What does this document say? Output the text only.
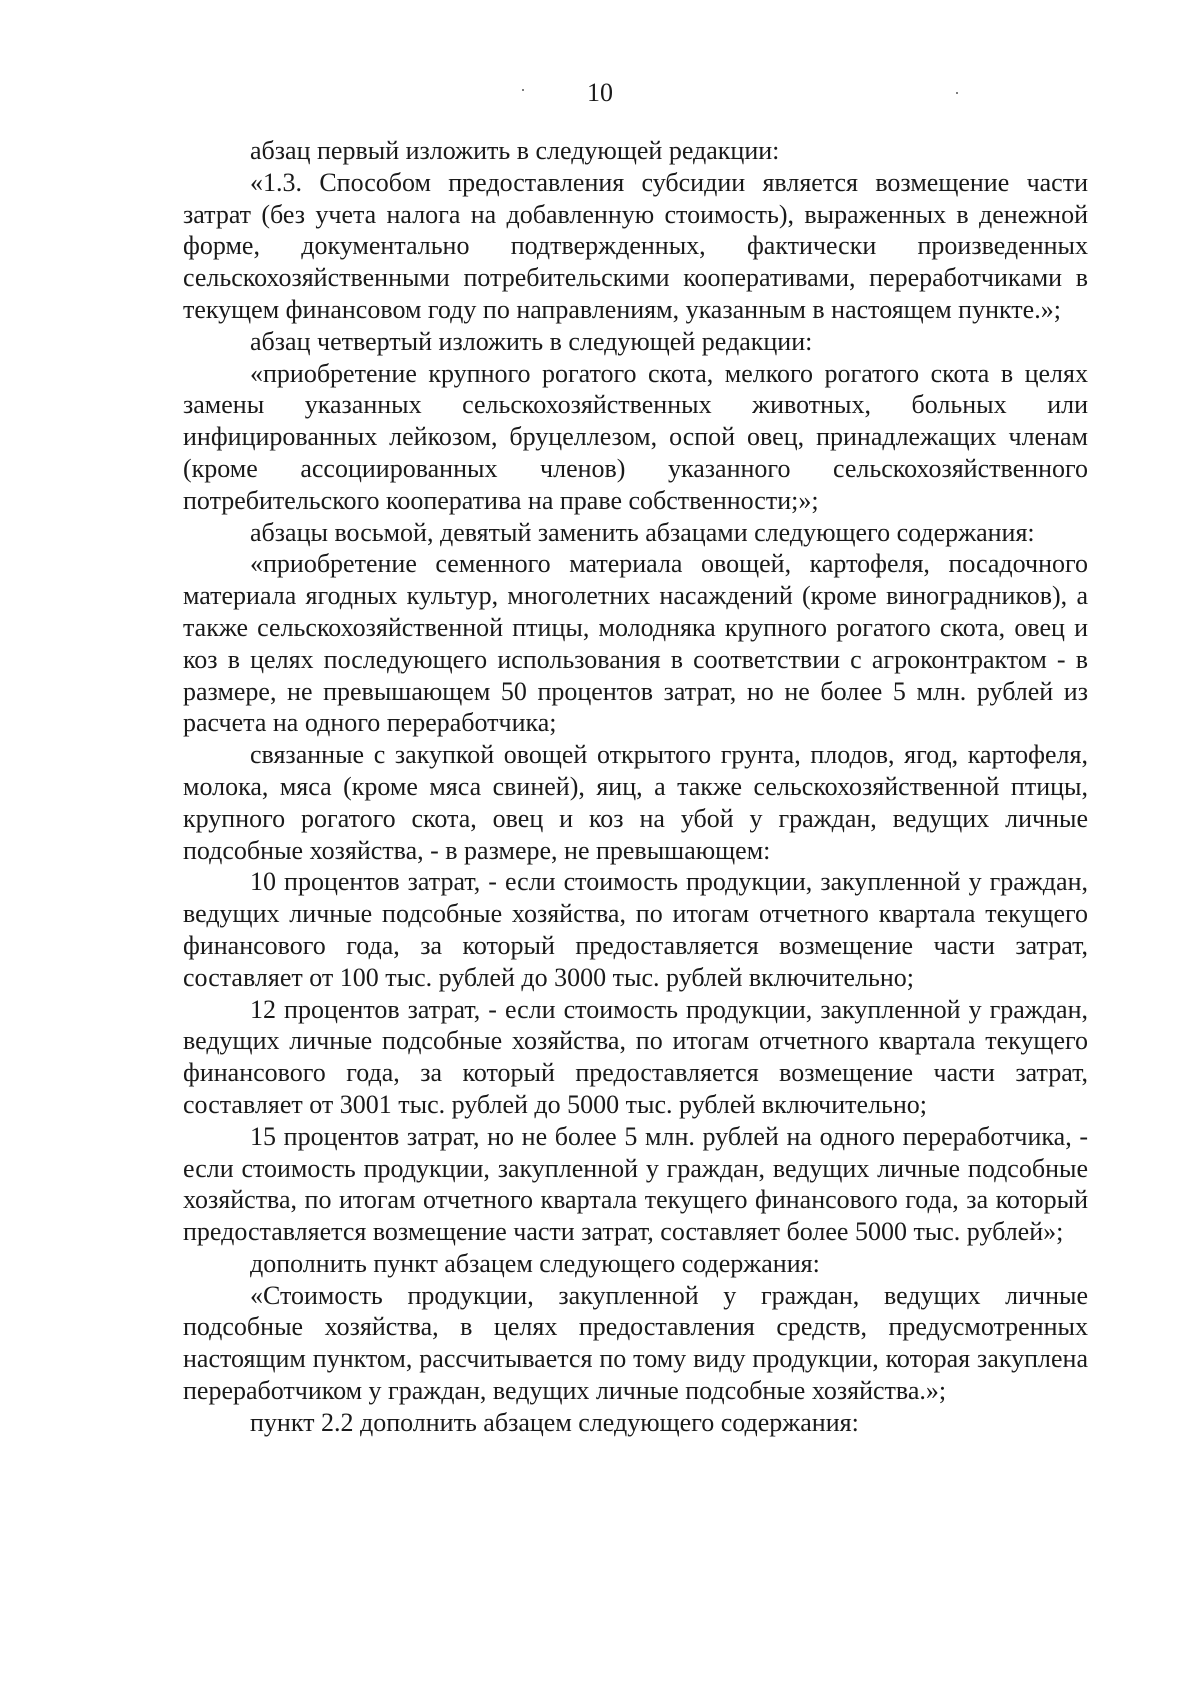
10

абзац первый изложить в следующей редакции:

«1.3. Способом предоставления субсидии является возмещение части затрат (без учета налога на добавленную стоимость), выраженных в денежной форме, документально подтвержденных, фактически произведенных сельскохозяйственными потребительскими кооперативами, переработчиками в текущем финансовом году по направлениям, указанным в настоящем пункте.»;

абзац четвертый изложить в следующей редакции:

«приобретение крупного рогатого скота, мелкого рогатого скота в целях замены указанных сельскохозяйственных животных, больных или инфицированных лейкозом, бруцеллезом, оспой овец, принадлежащих членам (кроме ассоциированных членов) указанного сельскохозяйственного потребительского кооператива на праве собственности;»;

абзацы восьмой, девятый заменить абзацами следующего содержания:

«приобретение семенного материала овощей, картофеля, посадочного материала ягодных культур, многолетних насаждений (кроме виноградников), а также сельскохозяйственной птицы, молодняка крупного рогатого скота, овец и коз в целях последующего использования в соответствии с агроконтрактом - в размере, не превышающем 50 процентов затрат, но не более 5 млн. рублей из расчета на одного переработчика;

связанные с закупкой овощей открытого грунта, плодов, ягод, картофеля, молока, мяса (кроме мяса свиней), яиц, а также сельскохозяйственной птицы, крупного рогатого скота, овец и коз на убой у граждан, ведущих личные подсобные хозяйства, - в размере, не превышающем:

10 процентов затрат, - если стоимость продукции, закупленной у граждан, ведущих личные подсобные хозяйства, по итогам отчетного квартала текущего финансового года, за который предоставляется возмещение части затрат, составляет от 100 тыс. рублей до 3000 тыс. рублей включительно;

12 процентов затрат, - если стоимость продукции, закупленной у граждан, ведущих личные подсобные хозяйства, по итогам отчетного квартала текущего финансового года, за который предоставляется возмещение части затрат, составляет от 3001 тыс. рублей до 5000 тыс. рублей включительно;

15 процентов затрат, но не более 5 млн. рублей на одного переработчика, - если стоимость продукции, закупленной у граждан, ведущих личные подсобные хозяйства, по итогам отчетного квартала текущего финансового года, за который предоставляется возмещение части затрат, составляет более 5000 тыс. рублей»;

дополнить пункт абзацем следующего содержания:

«Стоимость продукции, закупленной у граждан, ведущих личные подсобные хозяйства, в целях предоставления средств, предусмотренных настоящим пунктом, рассчитывается по тому виду продукции, которая закуплена переработчиком у граждан, ведущих личные подсобные хозяйства.»;

пункт 2.2 дополнить абзацем следующего содержания:
